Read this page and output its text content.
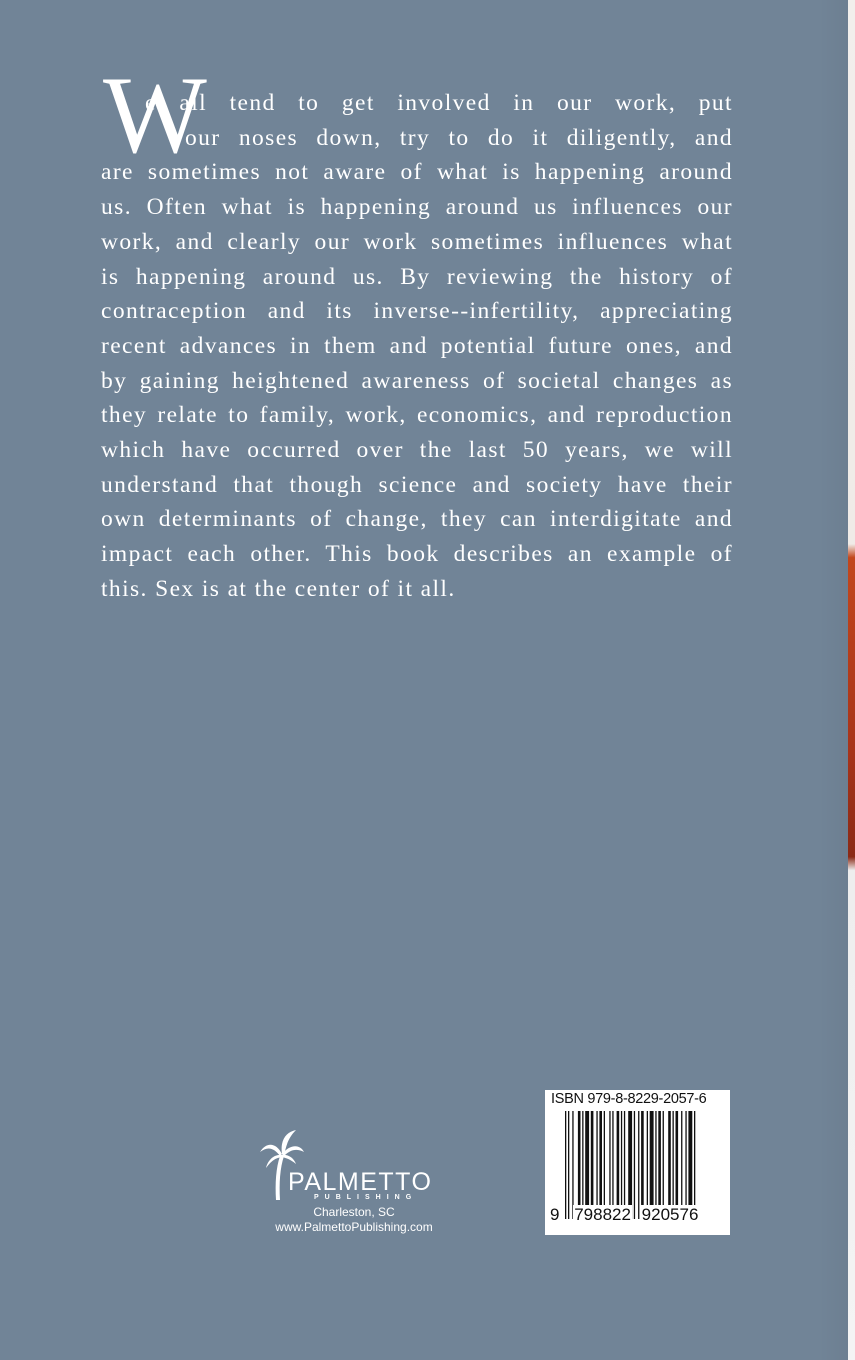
W
e all tend to get involved in our work, put
our noses down, try to do it diligently, and
are sometimes not aware of what is happening around
us. Often what is happening around us influences our
work, and clearly our work sometimes influences what
is happening around us. By reviewing the history of
contraception and its inverse--infertility, appreciating
recent advances in them and potential future ones, and
by gaining heightened awareness of societal changes as
they relate to family, work, economics, and reproduction
which have occurred over the last 50 years, we will
understand that though science and society have their
own determinants of change, they can interdigitate and
impact each other. This book describes an example of
this. Sex is at the center of it all.
PALMETTO
PUBLISHING
Charleston, SC
www.PalmettoPublishing.com
ISBN 979-8-8229-2057-6
9 798822 920576
